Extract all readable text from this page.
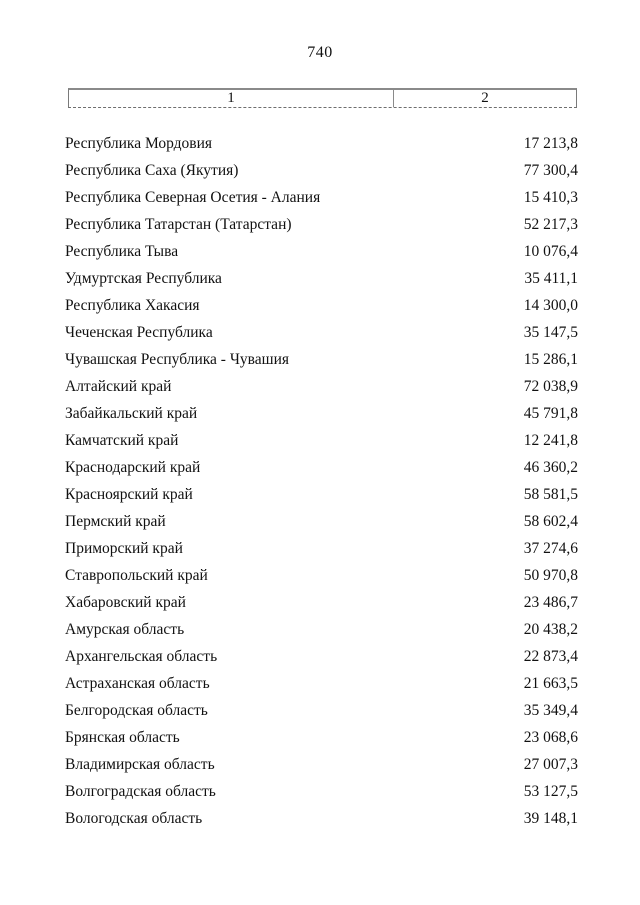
740
1	2
Республика Мордовия	17 213,8
Республика Саха (Якутия)	77 300,4
Республика Северная Осетия - Алания	15 410,3
Республика Татарстан (Татарстан)	52 217,3
Республика Тыва	10 076,4
Удмуртская Республика	35 411,1
Республика Хакасия	14 300,0
Чеченская Республика	35 147,5
Чувашская Республика - Чувашия	15 286,1
Алтайский край	72 038,9
Забайкальский край	45 791,8
Камчатский край	12 241,8
Краснодарский край	46 360,2
Красноярский край	58 581,5
Пермский край	58 602,4
Приморский край	37 274,6
Ставропольский край	50 970,8
Хабаровский край	23 486,7
Амурская область	20 438,2
Архангельская область	22 873,4
Астраханская область	21 663,5
Белгородская область	35 349,4
Брянская область	23 068,6
Владимирская область	27 007,3
Волгоградская область	53 127,5
Вологодская область	39 148,1
